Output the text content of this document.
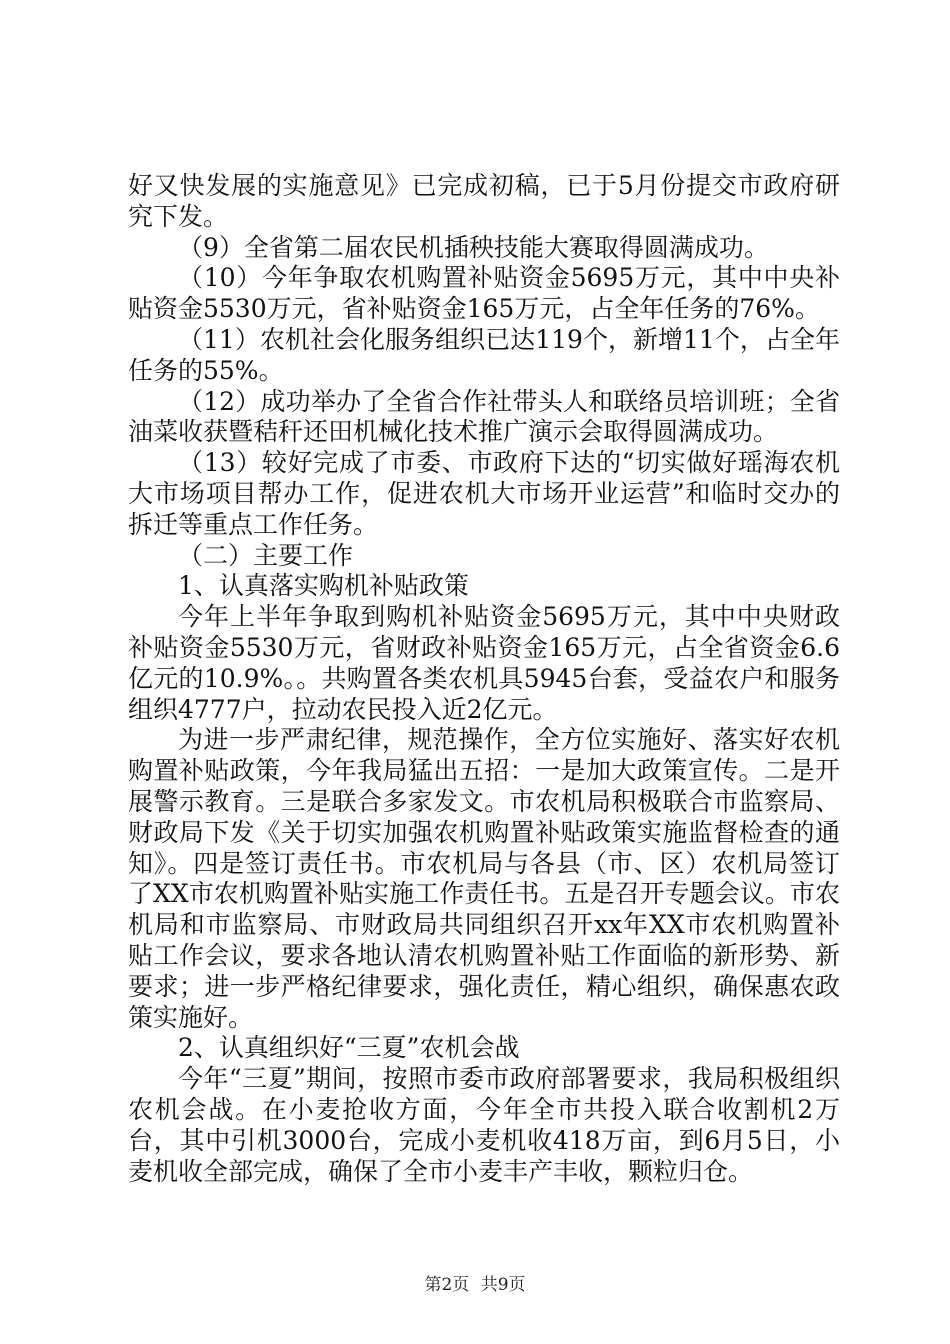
好又快发展的实施意见》已完成初稿，已于5月份提交市政府研究下发。

（9）全省第二届农民机插秧技能大赛取得圆满成功。

（10）今年争取农机购置补贴资金5695万元，其中中央补贴资金5530万元，省补贴资金165万元，占全年任务的76%。

（11）农机社会化服务组织已达119个，新增11个，占全年任务的55%。

（12）成功举办了全省合作社带头人和联络员培训班；全省油菜收获暨秸秆还田机械化技术推广演示会取得圆满成功。

（13）较好完成了市委、市政府下达的“切实做好瑶海农机大市场项目帮办工作，促进农机大市场开业运营”和临时交办的拆迁等重点工作任务。

（二）主要工作

1、认真落实购机补贴政策

今年上半年争取到购机补贴资金5695万元，其中中央财政补贴资金5530万元，省财政补贴资金165万元，占全省资金6.6亿元的10.9%。。共购置各类农机具5945台套，受益农户和服务组织4777户，拉动农民投入近2亿元。

为进一步严肃纪律，规范操作，全方位实施好、落实好农机购置补贴政策，今年我局猛出五招：一是加大政策宣传。二是开展警示教育。三是联合多家发文。市农机局积极联合市监察局、财政局下发《关于切实加强农机购置补贴政策实施监督检查的通知》。四是签订责任书。市农机局与各县（市、区）农机局签订了XX市农机购置补贴实施工作责任书。五是召开专题会议。市农机局和市监察局、市财政局共同组织召开xx年XX市农机购置补贴工作会议，要求各地认清农机购置补贴工作面临的新形势、新要求；进一步严格纪律要求，强化责任，精心组织，确保惠农政策实施好。

2、认真组织好“三夏”农机会战

今年“三夏”期间，按照市委市政府部署要求，我局积极组织农机会战。在小麦抢收方面，今年全市共投入联合收割机2万台，其中引机3000台，完成小麦机收418万亩，到6月5日，小麦机收全部完成，确保了全市小麦丰产丰收，颗粒归仓。

第2页 共9页
